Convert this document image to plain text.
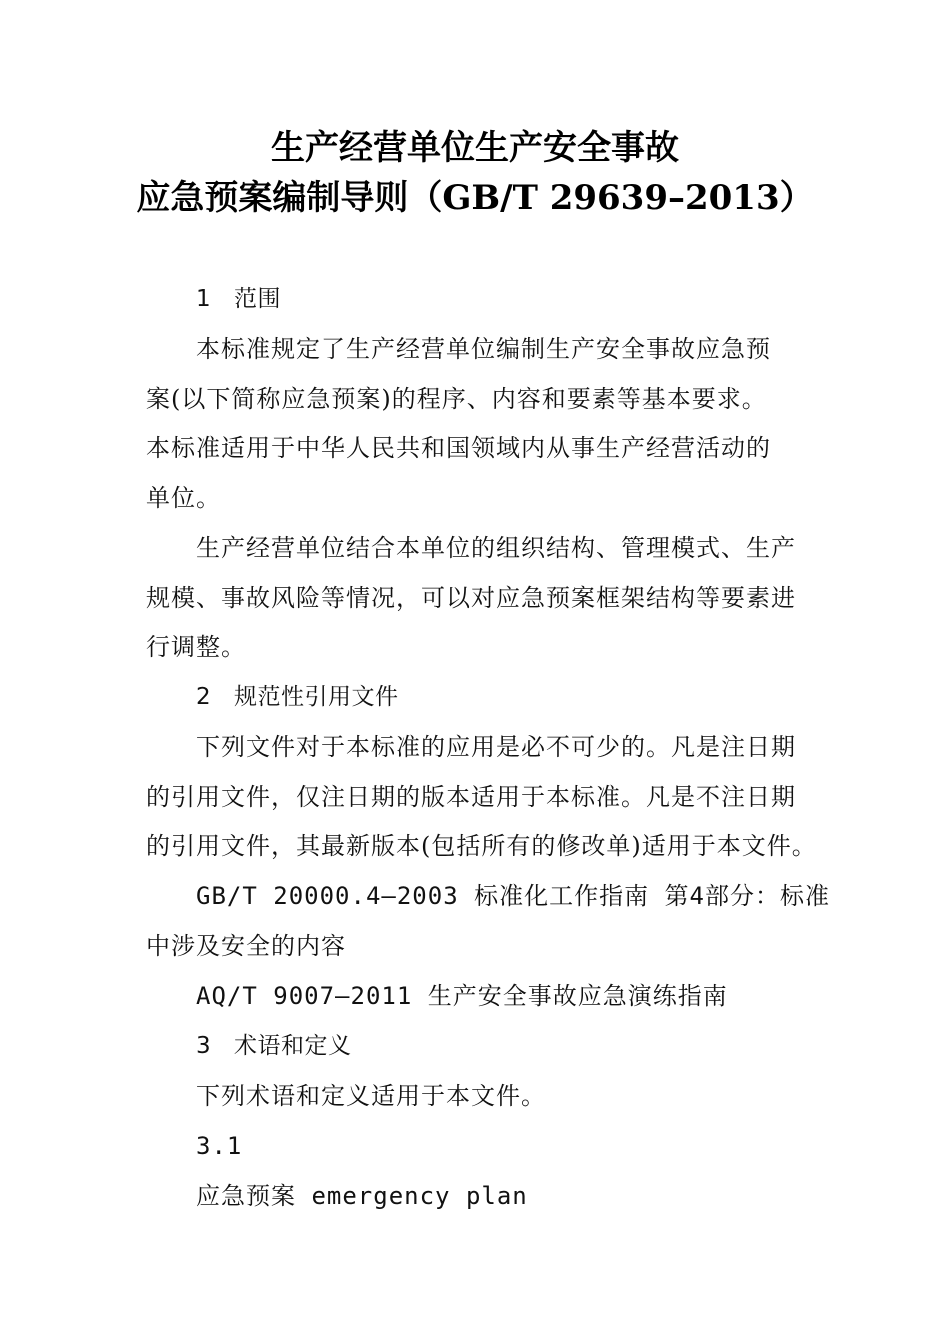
生产经营单位生产安全事故
应急预案编制导则（GB/T 29639–2013）
1 范围
本标准规定了生产经营单位编制生产安全事故应急预
案(以下简称应急预案)的程序、内容和要素等基本要求。
本标准适用于中华人民共和国领域内从事生产经营活动的
单位。
生产经营单位结合本单位的组织结构、管理模式、生产
规模、事故风险等情况，可以对应急预案框架结构等要素进
行调整。
2 规范性引用文件
下列文件对于本标准的应用是必不可少的。凡是注日期
的引用文件，仅注日期的版本适用于本标准。凡是不注日期
的引用文件，其最新版本(包括所有的修改单)适用于本文件。
GB/T 20000.4—2003 标准化工作指南 第4部分：标准
中涉及安全的内容
AQ/T 9007—2011 生产安全事故应急演练指南
3 术语和定义
下列术语和定义适用于本文件。
3.1
应急预案 emergency plan
